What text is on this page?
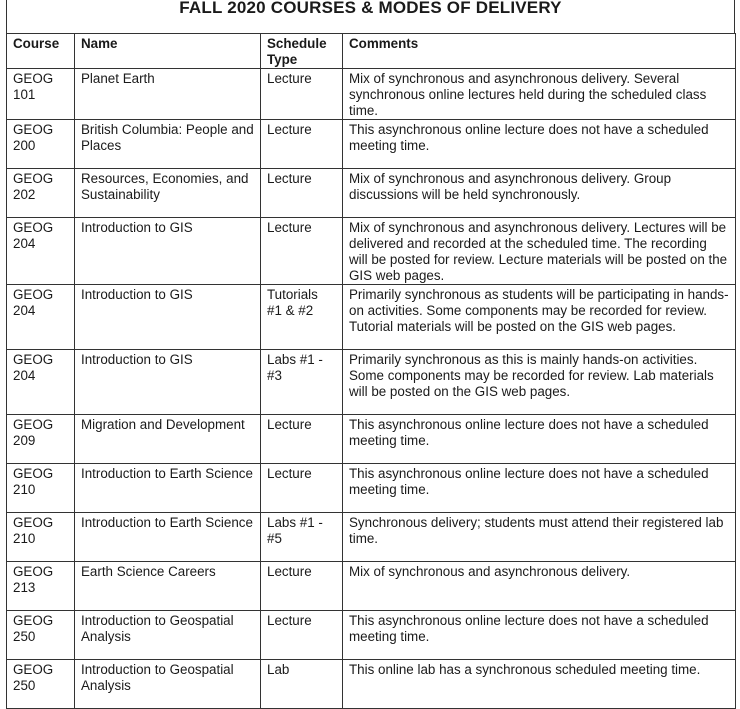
FALL 2020 COURSES & MODES OF DELIVERY
Course	Name	Schedule Type	Comments
GEOG 101	Planet Earth	Lecture	Mix of synchronous and asynchronous delivery. Several synchronous online lectures held during the scheduled class time.
GEOG 200	British Columbia: People and Places	Lecture	This asynchronous online lecture does not have a scheduled meeting time.
GEOG 202	Resources, Economies, and Sustainability	Lecture	Mix of synchronous and asynchronous delivery. Group discussions will be held synchronously.
GEOG 204	Introduction to GIS	Lecture	Mix of synchronous and asynchronous delivery. Lectures will be delivered and recorded at the scheduled time. The recording will be posted for review. Lecture materials will be posted on the GIS web pages.
GEOG 204	Introduction to GIS	Tutorials #1 & #2	Primarily synchronous as students will be participating in hands-on activities. Some components may be recorded for review. Tutorial materials will be posted on the GIS web pages.
GEOG 204	Introduction to GIS	Labs #1 - #3	Primarily synchronous as this is mainly hands-on activities. Some components may be recorded for review. Lab materials will be posted on the GIS web pages.
GEOG 209	Migration and Development	Lecture	This asynchronous online lecture does not have a scheduled meeting time.
GEOG 210	Introduction to Earth Science	Lecture	This asynchronous online lecture does not have a scheduled meeting time.
GEOG 210	Introduction to Earth Science	Labs #1 - #5	Synchronous delivery; students must attend their registered lab time.
GEOG 213	Earth Science Careers	Lecture	Mix of synchronous and asynchronous delivery.
GEOG 250	Introduction to Geospatial Analysis	Lecture	This asynchronous online lecture does not have a scheduled meeting time.
GEOG 250	Introduction to Geospatial Analysis	Lab	This online lab has a synchronous scheduled meeting time.
